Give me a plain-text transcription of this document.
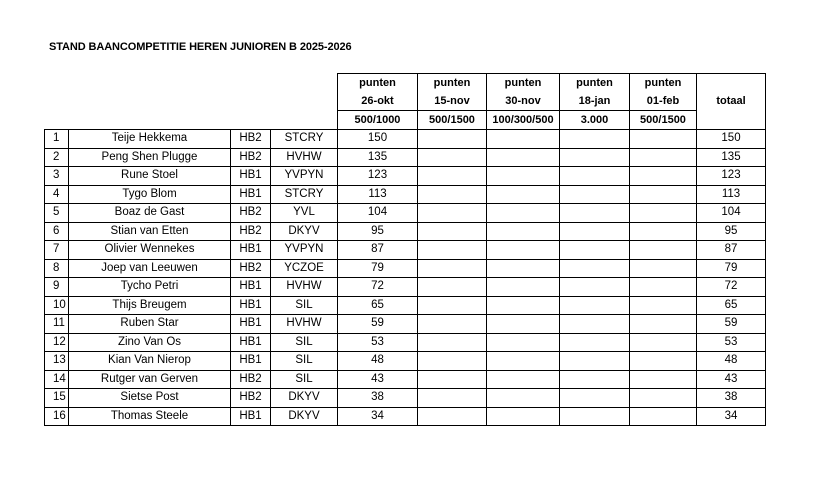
STAND BAANCOMPETITIE HEREN JUNIOREN B 2025-2026
				punten	punten	punten	punten	punten	
				26-okt	15-nov	30-nov	18-jan	01-feb	totaal
				500/1000	500/1500	100/300/500	3.000	500/1500	
1	Teije Hekkema	HB2	STCRY	150					150
2	Peng Shen Plugge	HB2	HVHW	135					135
3	Rune Stoel	HB1	YVPYN	123					123
4	Tygo Blom	HB1	STCRY	113					113
5	Boaz de Gast	HB2	YVL	104					104
6	Stian van Etten	HB2	DKYV	95					95
7	Olivier Wennekes	HB1	YVPYN	87					87
8	Joep van Leeuwen	HB2	YCZOE	79					79
9	Tycho Petri	HB1	HVHW	72					72
10	Thijs Breugem	HB1	SIL	65					65
11	Ruben Star	HB1	HVHW	59					59
12	Zino Van Os	HB1	SIL	53					53
13	Kian Van Nierop	HB1	SIL	48					48
14	Rutger van Gerven	HB2	SIL	43					43
15	Sietse Post	HB2	DKYV	38					38
16	Thomas Steele	HB1	DKYV	34					34
